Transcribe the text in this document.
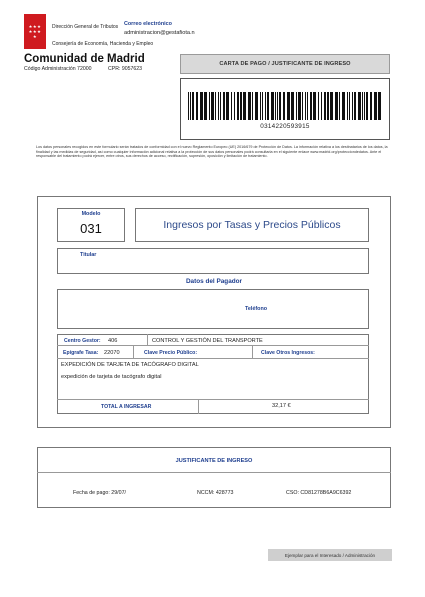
★★★
★★★
★
Dirección General de Tributos
Consejería de Economía, Hacienda y Empleo
Correo electrónico
administracion@gestafiota.n
Comunidad de Madrid
Código Administración 72000	CPR: 9057623
CARTA DE PAGO / JUSTIFICANTE DE INGRESO
0314220593915
Los datos personales recogidos en este formulario serán tratados de conformidad con el nuevo Reglamento Europeo (UE) 2016/679 de Protección de Datos. La información relativa a los destinatarios de los datos, la finalidad y las medidas de seguridad, así como cualquier información adicional relativa a la protección de sus datos personales podrá consultarla en el siguiente enlace www.madrid.org/protecciondedatos. Ante el responsable del tratamiento podrá ejercer, entre otros, sus derechos de acceso, rectificación, supresión, oposición y limitación de tratamiento.
Modelo
031	Ingresos por Tasas y Precios Públicos
Titular
Datos del Pagador
Teléfono
Centro Gestor: 406	CONTROL Y GESTIÓN DEL TRANSPORTE
Epígrafe Tasa: 22070	Clave Precio Público:	Clave Otros Ingresos:
EXPEDICIÓN DE TARJETA DE TACÓGRAFO DIGITAL
expedición de tarjeta de tacógrafo digital
TOTAL A INGRESAR	32,17 €
JUSTIFICANTE DE INGRESO
Fecha de pago: 29/07/	NCCM: 428773	CSO: CD81278B6A9C6392
Ejemplar para el Interesado / Administración
